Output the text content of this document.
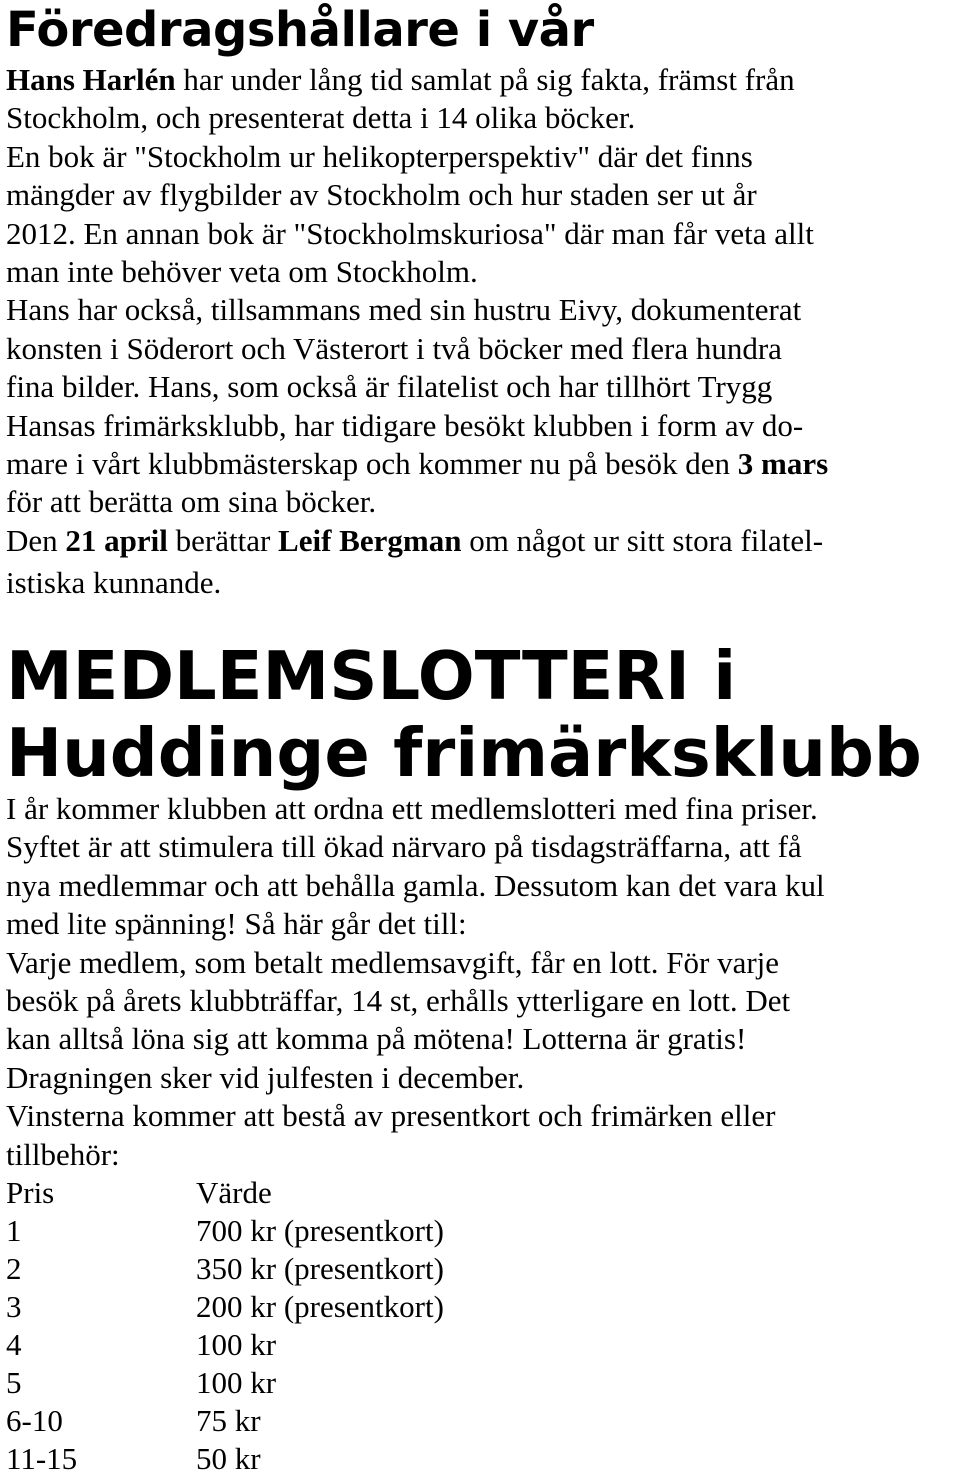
Föredragshållare i vår
Hans Harlén har under lång tid samlat på sig fakta, främst från
Stockholm, och presenterat detta i 14 olika böcker.
En bok är "Stockholm ur helikopterperspektiv" där det finns
mängder av flygbilder av Stockholm och hur staden ser ut år
2012. En annan bok är "Stockholmskuriosa" där man får veta allt
man inte behöver veta om Stockholm.
Hans har också, tillsammans med sin hustru Eivy, dokumenterat
konsten i Söderort och Västerort i två böcker med flera hundra
fina bilder. Hans, som också är filatelist och har tillhört Trygg
Hansas frimärksklubb, har tidigare besökt klubben i form av do-
mare i vårt klubbmästerskap och kommer nu på besök den 3 mars
för att berätta om sina böcker.
Den 21 april berättar Leif Bergman om något ur sitt stora filatel-
istiska kunnande.
MEDLEMSLOTTERI i
Huddinge frimärksklubb
I år kommer klubben att ordna ett medlemslotteri med fina priser.
Syftet är att stimulera till ökad närvaro på tisdagsträffarna, att få
nya medlemmar och att behålla gamla. Dessutom kan det vara kul
med lite spänning! Så här går det till:
Varje medlem, som betalt medlemsavgift, får en lott. För varje
besök på årets klubbträffar, 14 st, erhålls ytterligare en lott. Det
kan alltså löna sig att komma på mötena! Lotterna är gratis!
Dragningen sker vid julfesten i december.
Vinsterna kommer att bestå av presentkort och frimärken eller
tillbehör:
Pris	Värde
1	700 kr (presentkort)
2	350 kr (presentkort)
3	200 kr (presentkort)
4	100 kr
5	100 kr
6-10	75 kr
11-15	50 kr
